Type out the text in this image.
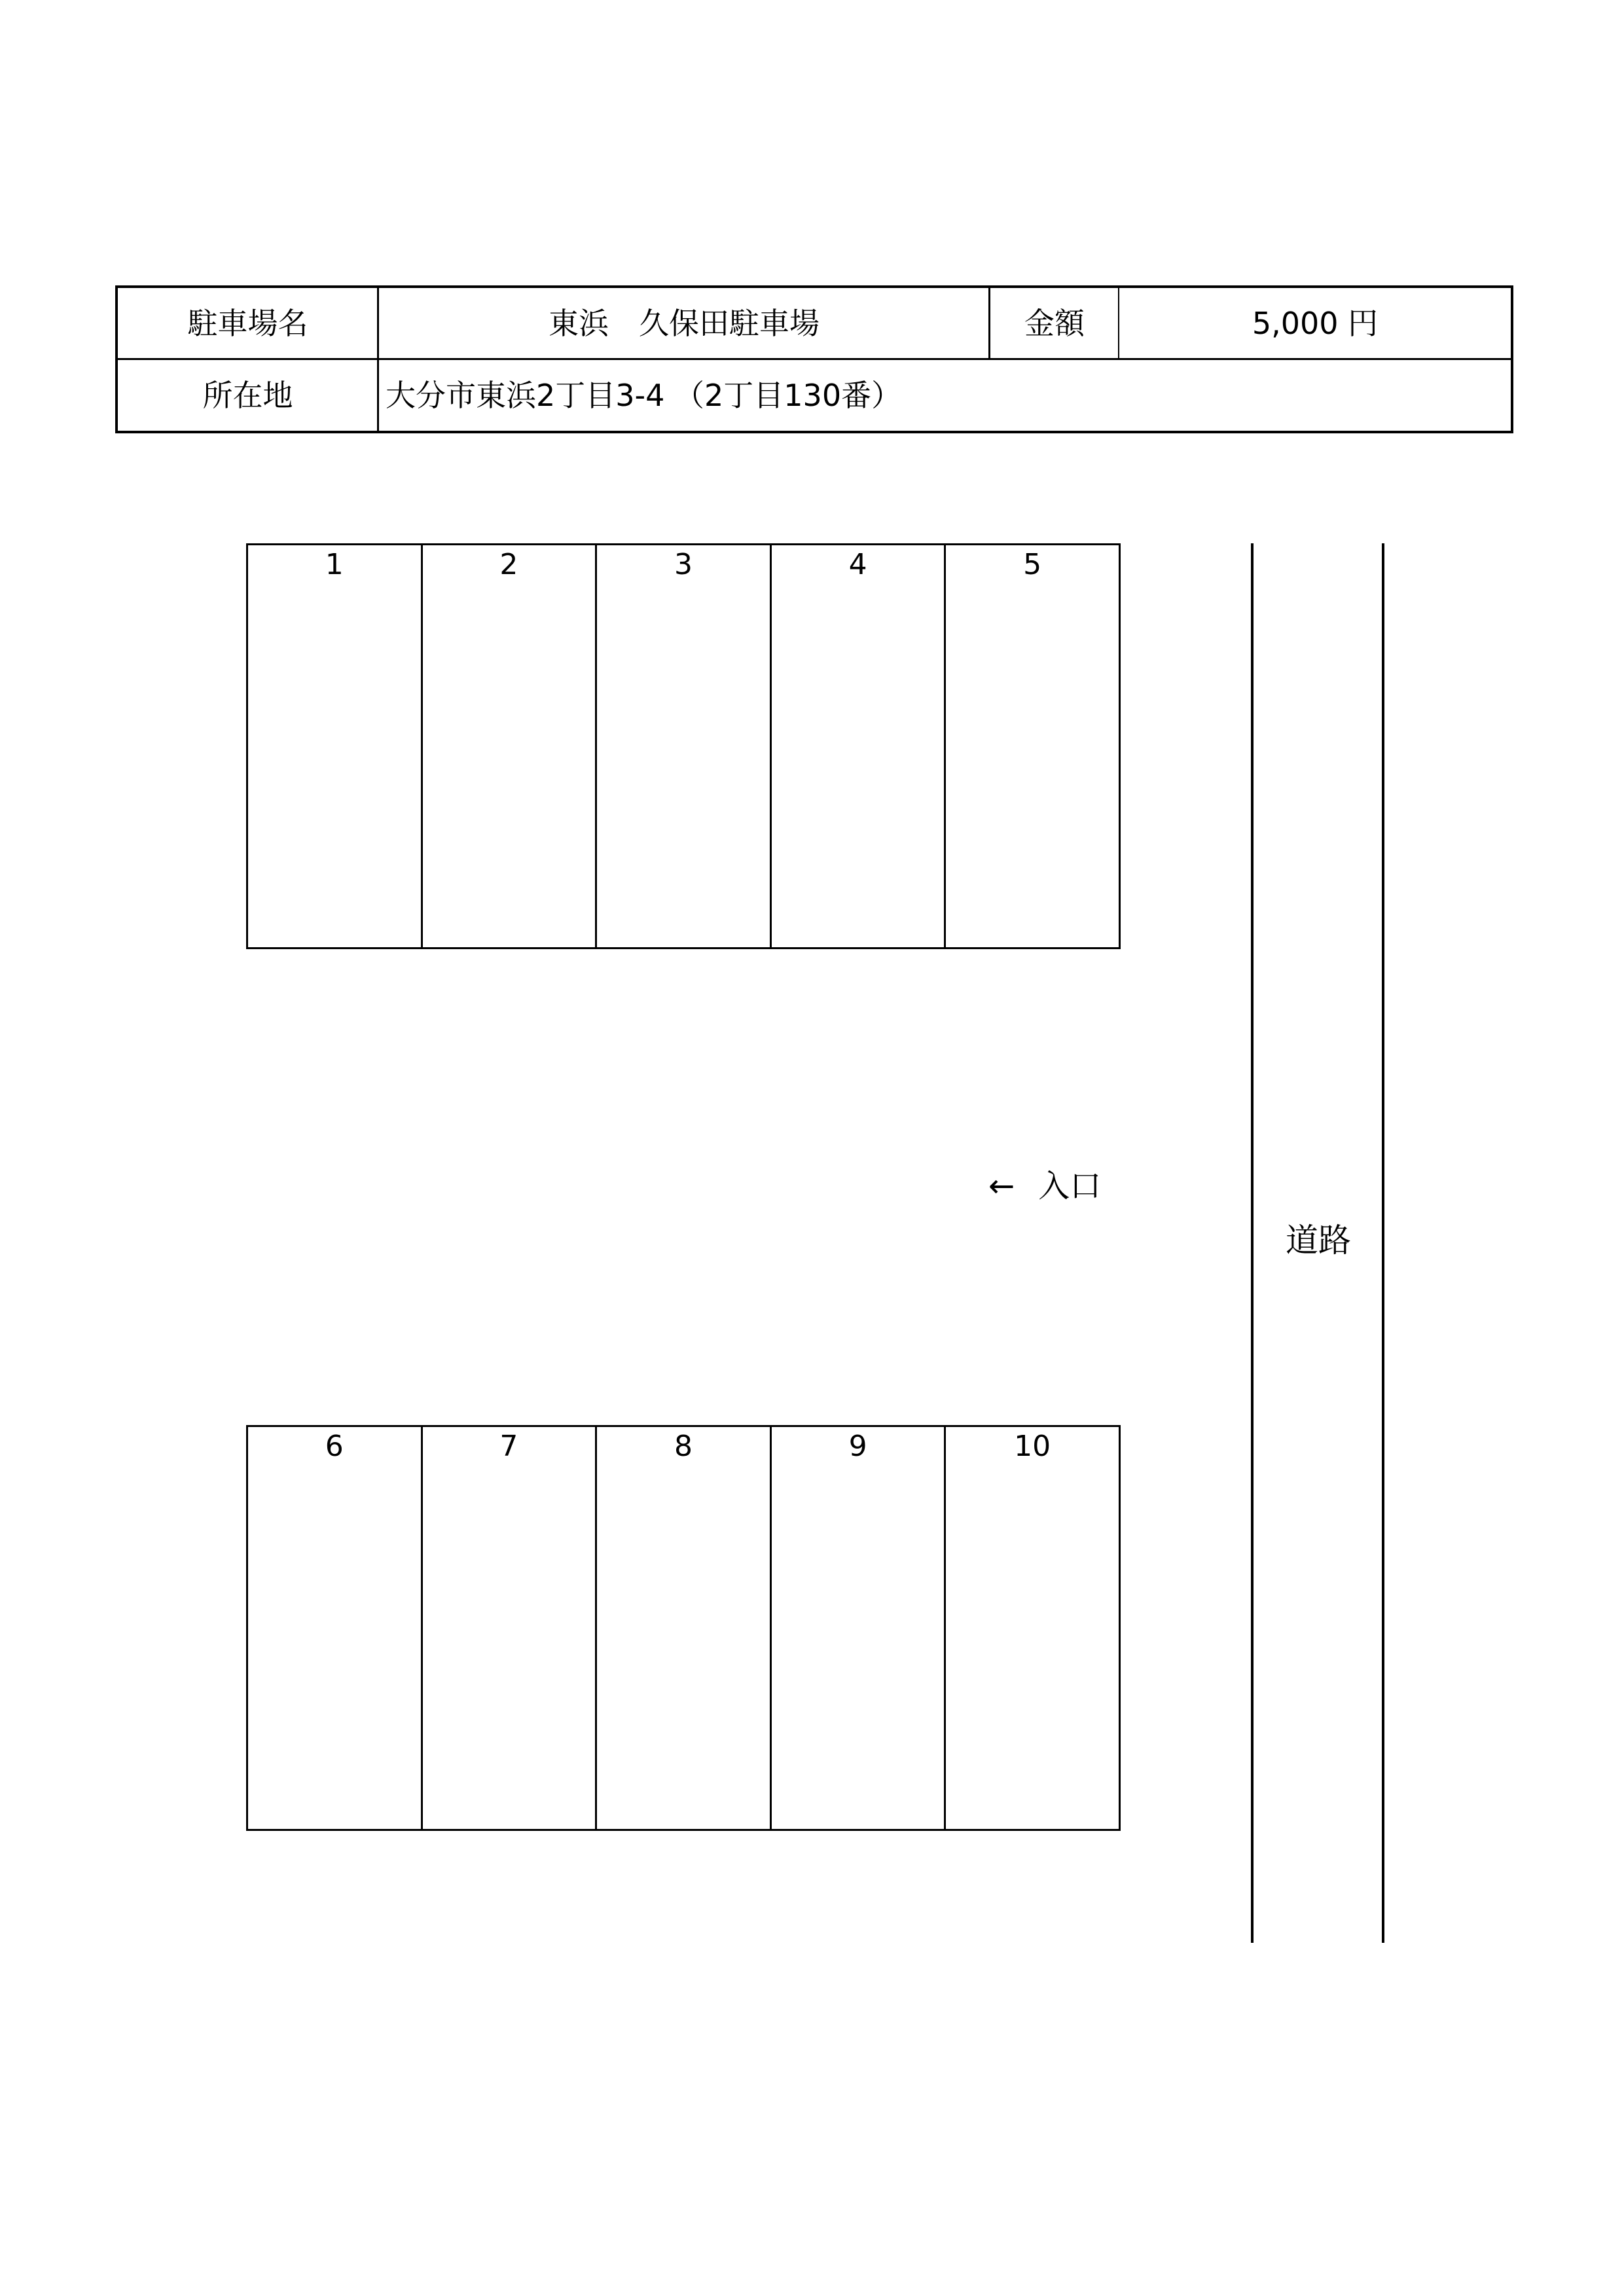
駐車場名	東浜　久保田駐車場	金額	5,000 円
所在地	大分市東浜2丁目3-4 （2丁目130番）
1	2	3	4	5
← 入口
6	7	8	9	10
道路
